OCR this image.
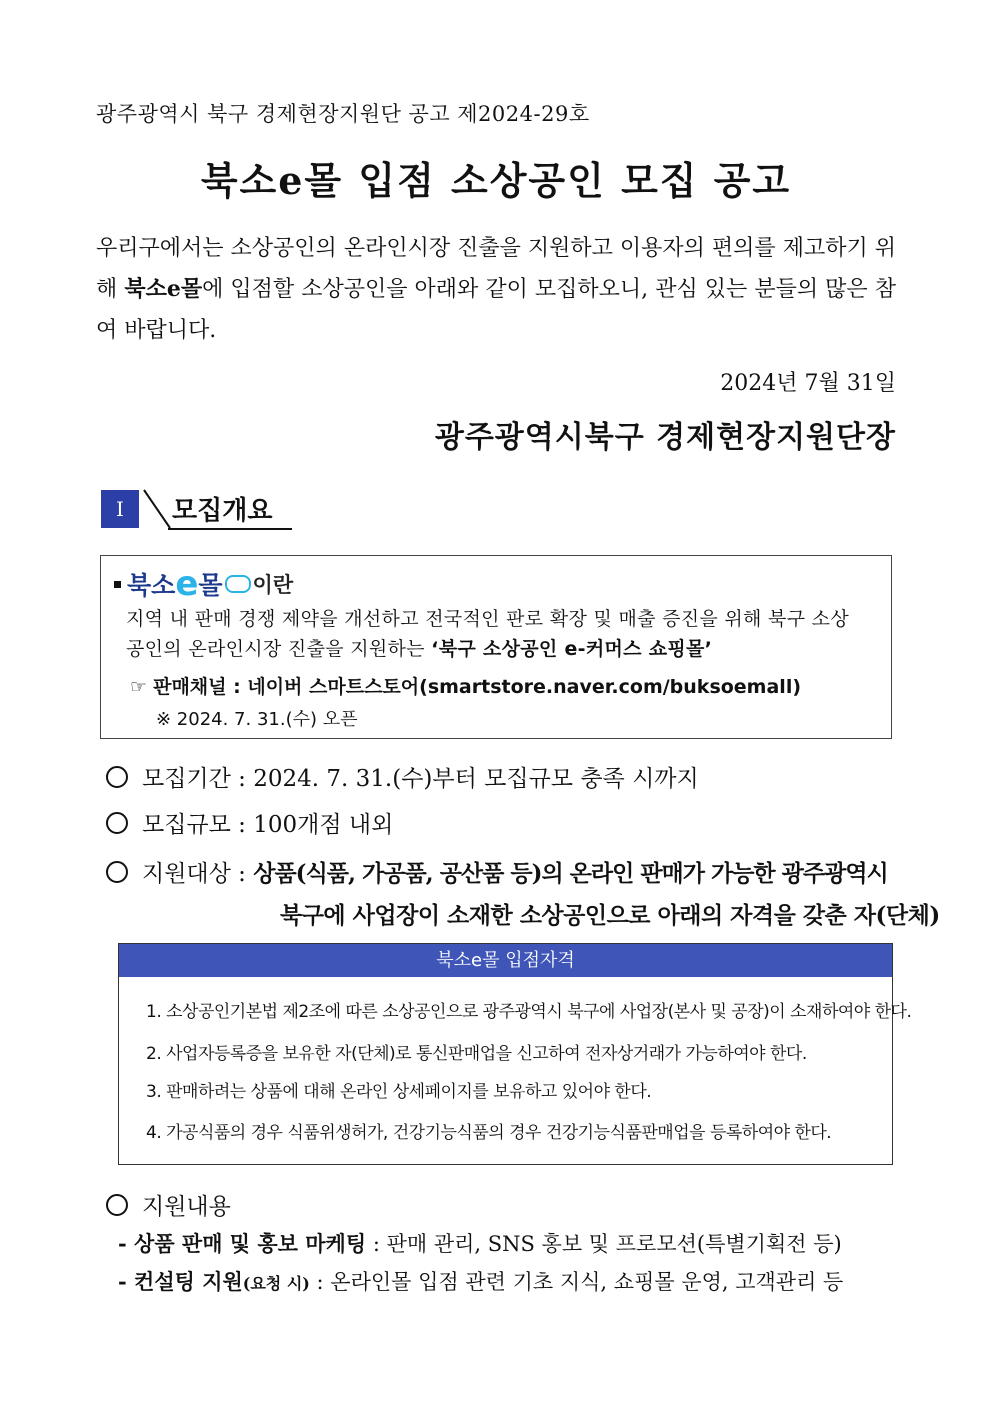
광주광역시 북구 경제현장지원단 공고 제2024-29호
북소e몰 입점 소상공인 모집 공고
우리구에서는 소상공인의 온라인시장 진출을 지원하고 이용자의 편의를 제고하기 위해 북소e몰에 입점할 소상공인을 아래와 같이 모집하오니, 관심 있는 분들의 많은 참여 바랍니다.
2024년 7월 31일
광주광역시북구 경제현장지원단장
Ⅰ	모집개요
북소 e 몰 이란
지역 내 판매 경쟁 제약을 개선하고 전국적인 판로 확장 및 매출 증진을 위해 북구 소상공인의 온라인시장 진출을 지원하는 ‘북구 소상공인 e-커머스 쇼핑몰’
☞ 판매채널 : 네이버 스마트스토어(smartstore.naver.com/buksoemall)
※ 2024. 7. 31.(수) 오픈
모집기간 : 2024. 7. 31.(수)부터 모집규모 충족 시까지
모집규모 : 100개점 내외
지원대상 : 상품(식품, 가공품, 공산품 등)의 온라인 판매가 가능한 광주광역시
북구에 사업장이 소재한 소상공인으로 아래의 자격을 갖춘 자(단체)
북소e몰 입점자격
1. 소상공인기본법 제2조에 따른 소상공인으로 광주광역시 북구에 사업장(본사 및 공장)이 소재하여야 한다.
2. 사업자등록증을 보유한 자(단체)로 통신판매업을 신고하여 전자상거래가 가능하여야 한다.
3. 판매하려는 상품에 대해 온라인 상세페이지를 보유하고 있어야 한다.
4. 가공식품의 경우 식품위생허가, 건강기능식품의 경우 건강기능식품판매업을 등록하여야 한다.
지원내용
- 상품 판매 및 홍보 마케팅 : 판매 관리, SNS 홍보 및 프로모션(특별기획전 등)
- 컨설팅 지원(요청 시) : 온라인몰 입점 관련 기초 지식, 쇼핑몰 운영, 고객관리 등
